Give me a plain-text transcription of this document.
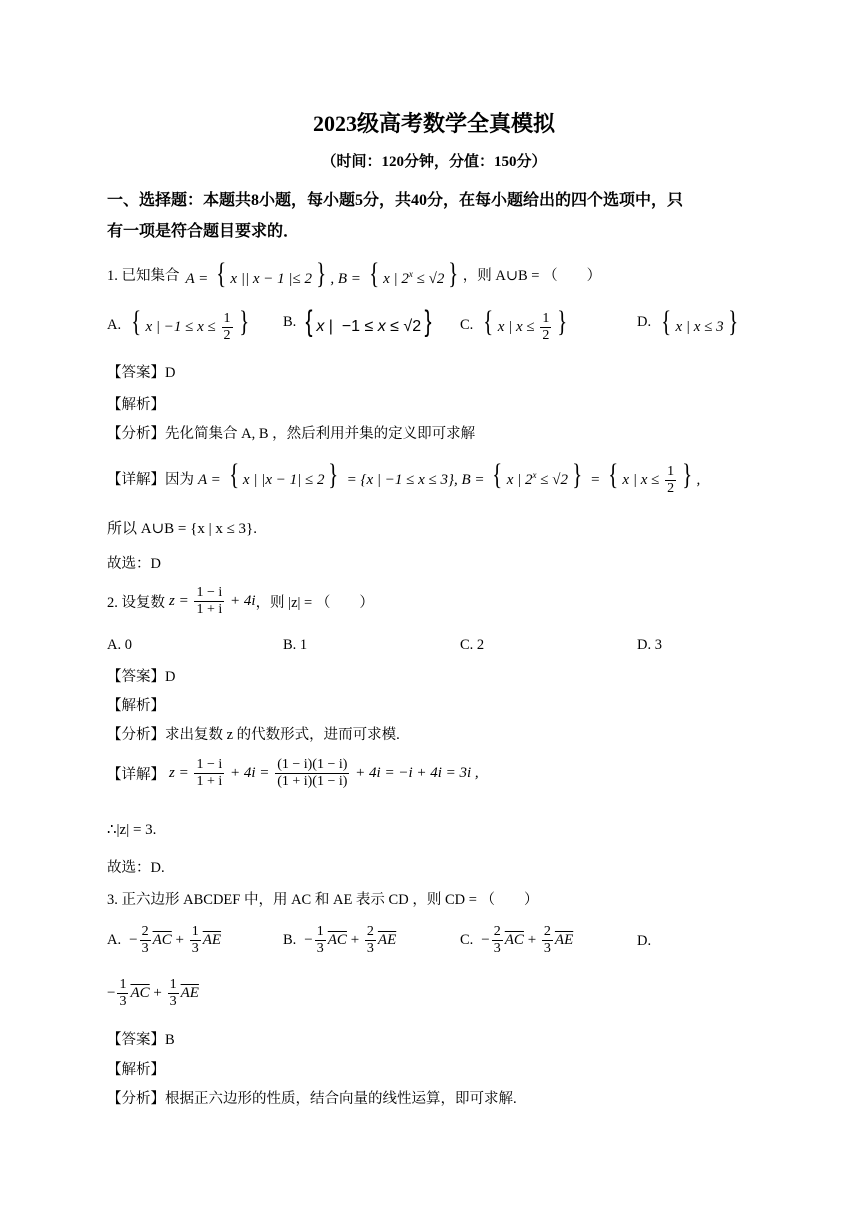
2023级高考数学全真模拟
（时间：120分钟，分值：150分）
一、选择题：本题共8小题，每小题5分，共40分，在每小题给出的四个选项中，只
有一项是符合题目要求的．
1. 已知集合 A = { x || x − 1 |≤ 2 } , B = { x | $2^x \le √2$ } ，则 A∪B = （　　）
A. { x | $-1 \le x \le \frac{1}{2}$ } B. { x |  −1 ≤ x ≤ √2 } C. { x | $x \le \frac{1}{2}$ }	D. { x | x ≤ 3 }
【答案】D
【解析】
【分析】先化简集合 A, B ，然后利用并集的定义即可求解
【详解】 因为 A = { x | |x − 1| ≤ 2 } = {x | −1 ≤ x ≤ 3}, B = { x | $2^x \le √2$ } = { x | $x \le \frac{1}{2}$ } ,
所以 A∪B = {x | x ≤ 3}.
故选：D
2. 设复数 $z = \frac{1 - i}{1 + i} + 4i$ ，则 |z| = （　　）
A. 0	B. 1	C. 2	D. 3
【答案】D
【解析】
【分析】求出复数 z 的代数形式，进而可求模.
【详解】 $z = \frac{1 - i}{1 + i} + 4i = \frac{(1 - i)(1 - i)}{(1 + i)(1 - i)} + 4i = -i + 4i = 3i$ ,
∴|z| = 3.
故选：D.
3. 正六边形 ABCDEF 中，用 AC 和 AE 表示 CD ，则 CD = （　　）
A. − $\frac{2}{3} \overline{AC} + \frac{1}{3} \overline{AE}$	B. − $\frac{1}{3} \overline{AC} + \frac{2}{3} \overline{AE}$	C. − $\frac{2}{3} \overline{AC} + \frac{2}{3} \overline{AE}$	D.
− $\frac{1}{3} \overline{AC} + \frac{1}{3} \overline{AE}$
【答案】B
【解析】
【分析】根据正六边形的性质，结合向量的线性运算，即可求解.
